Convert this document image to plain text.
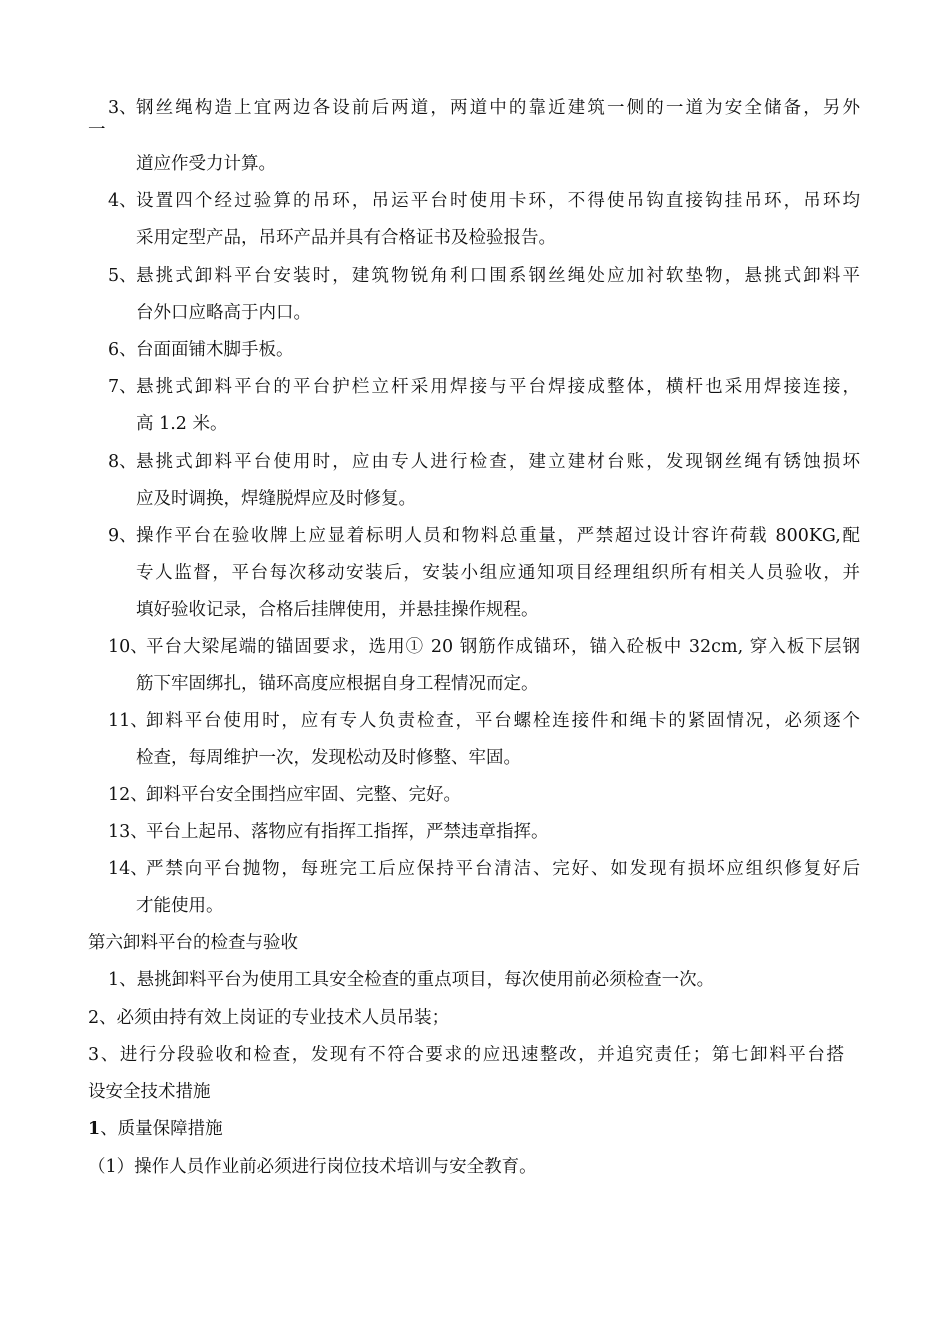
3、 钢丝绳构造上宜两边各设前后两道，两道中的靠近建筑一侧的一道为安全储备，另外
一
道应作受力计算。
4、 设置四个经过验算的吊环，吊运平台时使用卡环，不得使吊钩直接钩挂吊环，吊环均
采用定型产品，吊环产品并具有合格证书及检验报告。
5、 悬挑式卸料平台安装时，建筑物锐角利口围系钢丝绳处应加衬软垫物，悬挑式卸料平
台外口应略高于内口。
6、 台面面铺木脚手板。
7、 悬挑式卸料平台的平台护栏立杆采用焊接与平台焊接成整体，横杆也采用焊接连接，
高 1.2 米。
8、 悬挑式卸料平台使用时，应由专人进行检查，建立建材台账，发现钢丝绳有锈蚀损坏
应及时调换，焊缝脱焊应及时修复。
9、 操作平台在验收牌上应显着标明人员和物料总重量，严禁超过设计容许荷载 800KG,配
专人监督，平台每次移动安装后，安装小组应通知项目经理组织所有相关人员验收，并
填好验收记录，合格后挂牌使用，并悬挂操作规程。
10、
平台大梁尾端的锚固要求，选用① 20 钢筋作成锚环，锚入砼板中 32cm, 穿入板下层钢
筋下牢固绑扎，锚环高度应根据自身工程情况而定。
11、
卸料平台使用时，应有专人负责检查，平台螺栓连接件和绳卡的紧固情况，必须逐个
检查，每周维护一次，发现松动及时修整、牢固。
12、
卸料平台安全围挡应牢固、完整、完好。
13、
平台上起吊、落物应有指挥工指挥，严禁违章指挥。
14、
严禁向平台抛物，每班完工后应保持平台清洁、完好、如发现有损坏应组织修复好后
才能使用。
第六卸料平台的检查与验收
1、悬挑卸料平台为使用工具安全检查的重点项目，每次使用前必须检查一次。
2、必须由持有效上岗证的专业技术人员吊装；
3、进行分段验收和检查，发现有不符合要求的应迅速整改，并追究责任；第七卸料平台搭
设安全技术措施
1、质量保障措施
（1）操作人员作业前必须进行岗位技术培训与安全教育。
